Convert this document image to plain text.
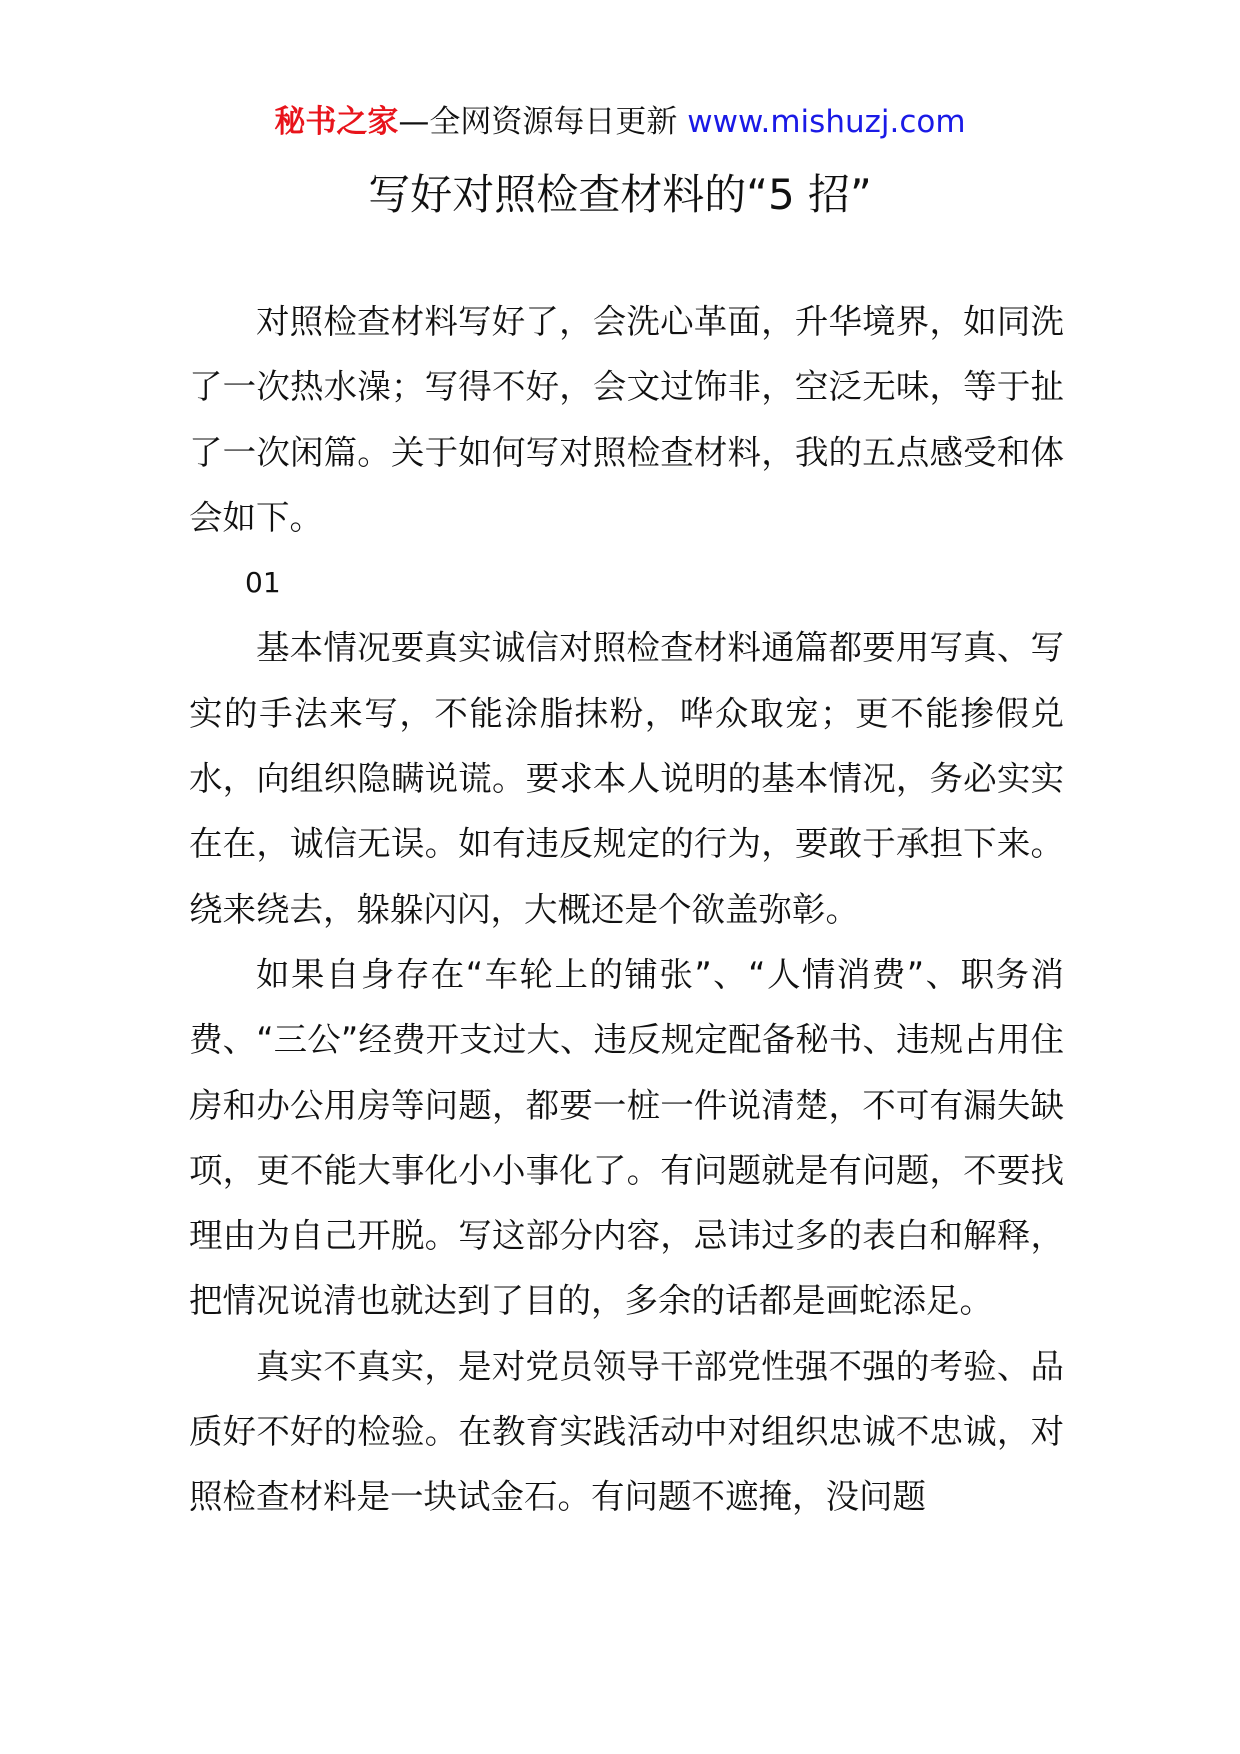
秘书之家—全网资源每日更新 www.mishuzj.com
写好对照检查材料的“5 招”

对照检查材料写好了，会洗心革面，升华境界，如同洗了一次热水澡；写得不好，会文过饰非，空泛无味，等于扯了一次闲篇。关于如何写对照检查材料，我的五点感受和体会如下。

01

基本情况要真实诚信对照检查材料通篇都要用写真、写实的手法来写，不能涂脂抹粉，哗众取宠；更不能掺假兑水，向组织隐瞒说谎。要求本人说明的基本情况，务必实实在在，诚信无误。如有违反规定的行为，要敢于承担下来。绕来绕去，躲躲闪闪，大概还是个欲盖弥彰。

如果自身存在“车轮上的铺张”、“人情消费”、职务消费、“三公”经费开支过大、违反规定配备秘书、违规占用住房和办公用房等问题，都要一桩一件说清楚，不可有漏失缺项，更不能大事化小小事化了。有问题就是有问题，不要找理由为自己开脱。写这部分内容，忌讳过多的表白和解释，把情况说清也就达到了目的，多余的话都是画蛇添足。

真实不真实，是对党员领导干部党性强不强的考验、品质好不好的检验。在教育实践活动中对组织忠诚不忠诚，对照检查材料是一块试金石。有问题不遮掩，没问题
